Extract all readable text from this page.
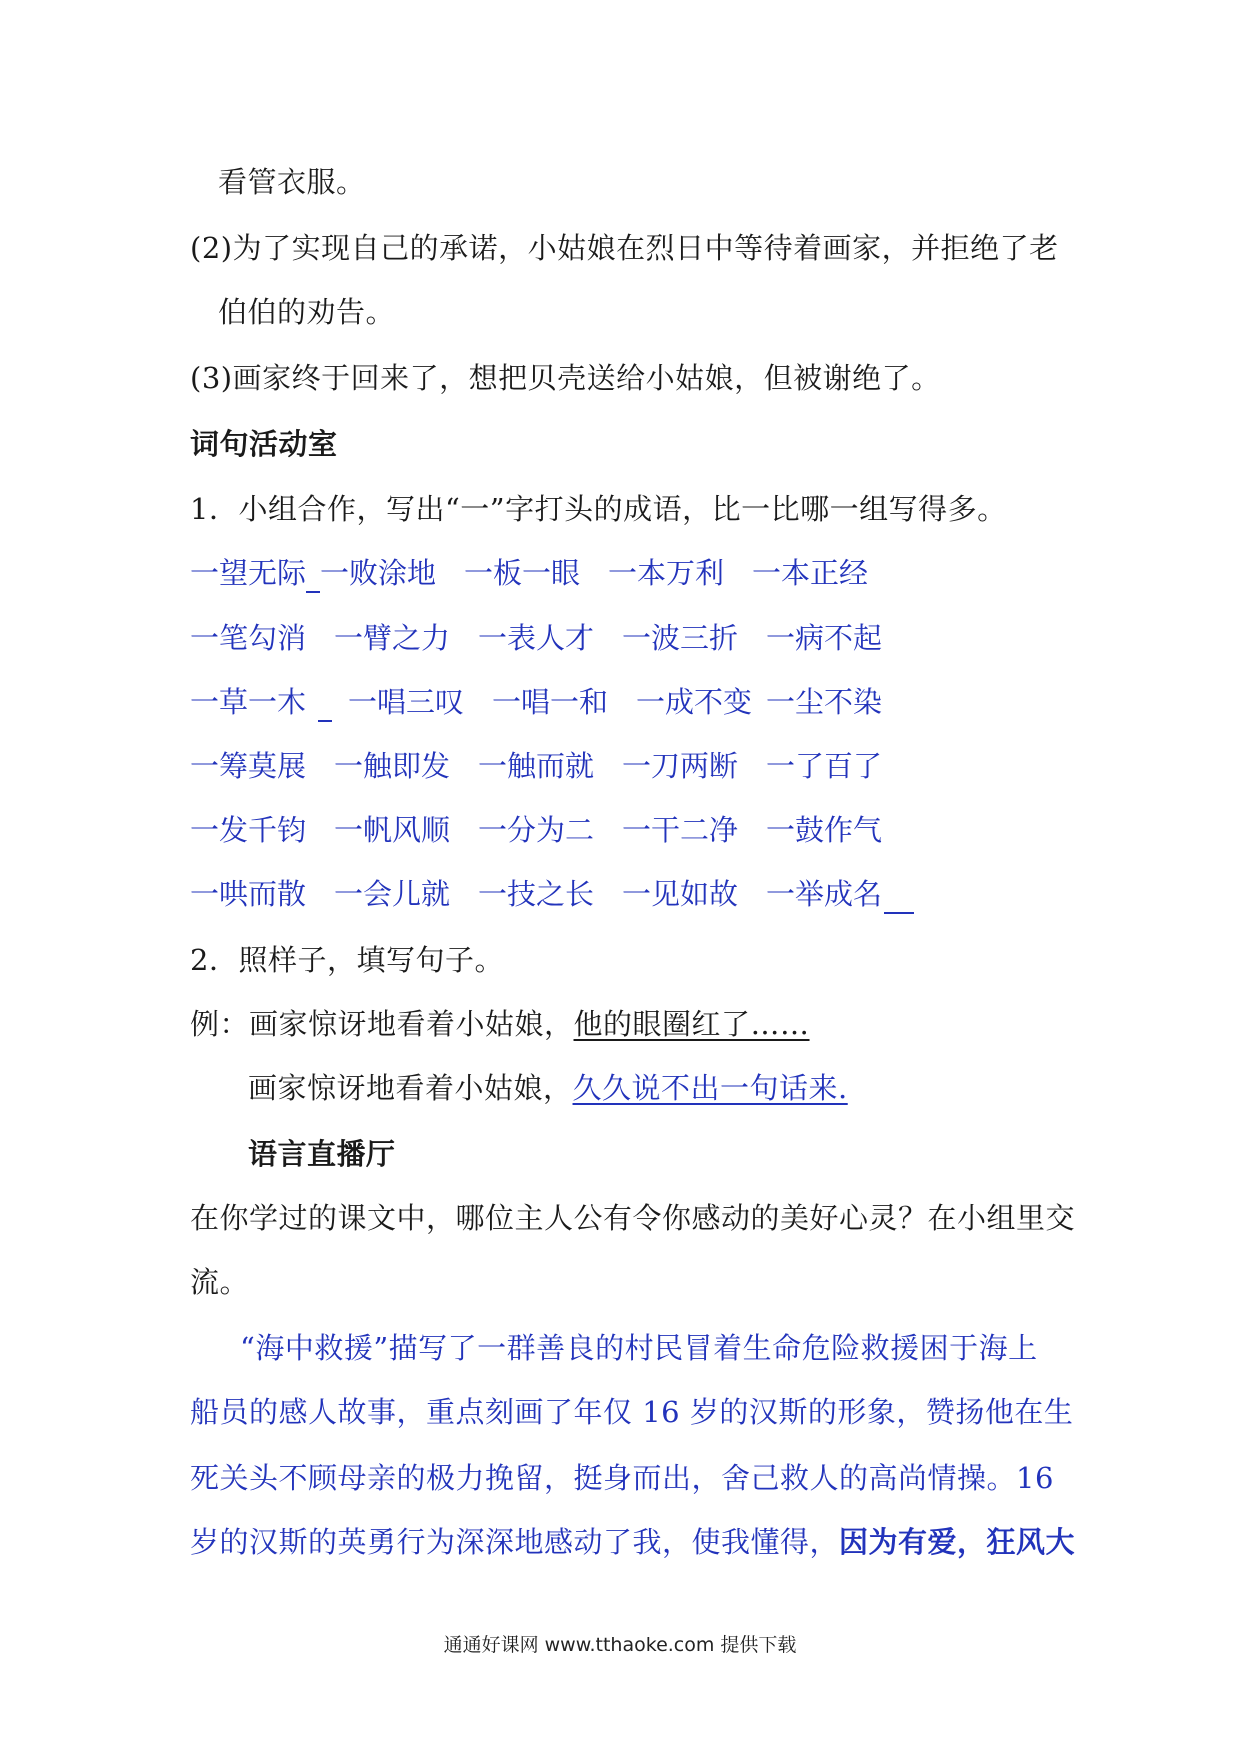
看管衣服。
(2)为了实现自己的承诺，小姑娘在烈日中等待着画家，并拒绝了老
伯伯的劝告。
(3)画家终于回来了，想把贝壳送给小姑娘，但被谢绝了。
词句活动室
1．小组合作，写出“一”字打头的成语，比一比哪一组写得多。
一望无际 一败涂地 一板一眼 一本万利 一本正经
一笔勾消 一臂之力 一表人才 一波三折 一病不起
一草一木 一唱三叹 一唱一和 一成不变 一尘不染
一筹莫展 一触即发 一触而就 一刀两断 一了百了
一发千钧 一帆风顺 一分为二 一干二净 一鼓作气
一哄而散 一会儿就 一技之长 一见如故 一举成名
2．照样子，填写句子。
例：画家惊讶地看着小姑娘，他的眼圈红了……
画家惊讶地看着小姑娘，久久说不出一句话来.
语言直播厅
在你学过的课文中，哪位主人公有令你感动的美好心灵？在小组里交
流。
“海中救援”描写了一群善良的村民冒着生命危险救援困于海上
船员的感人故事，重点刻画了年仅 16 岁的汉斯的形象，赞扬他在生
死关头不顾母亲的极力挽留，挺身而出，舍己救人的高尚情操。16
岁的汉斯的英勇行为深深地感动了我，使我懂得，因为有爱，狂风大
通通好课网 www.tthaoke.com 提供下载
